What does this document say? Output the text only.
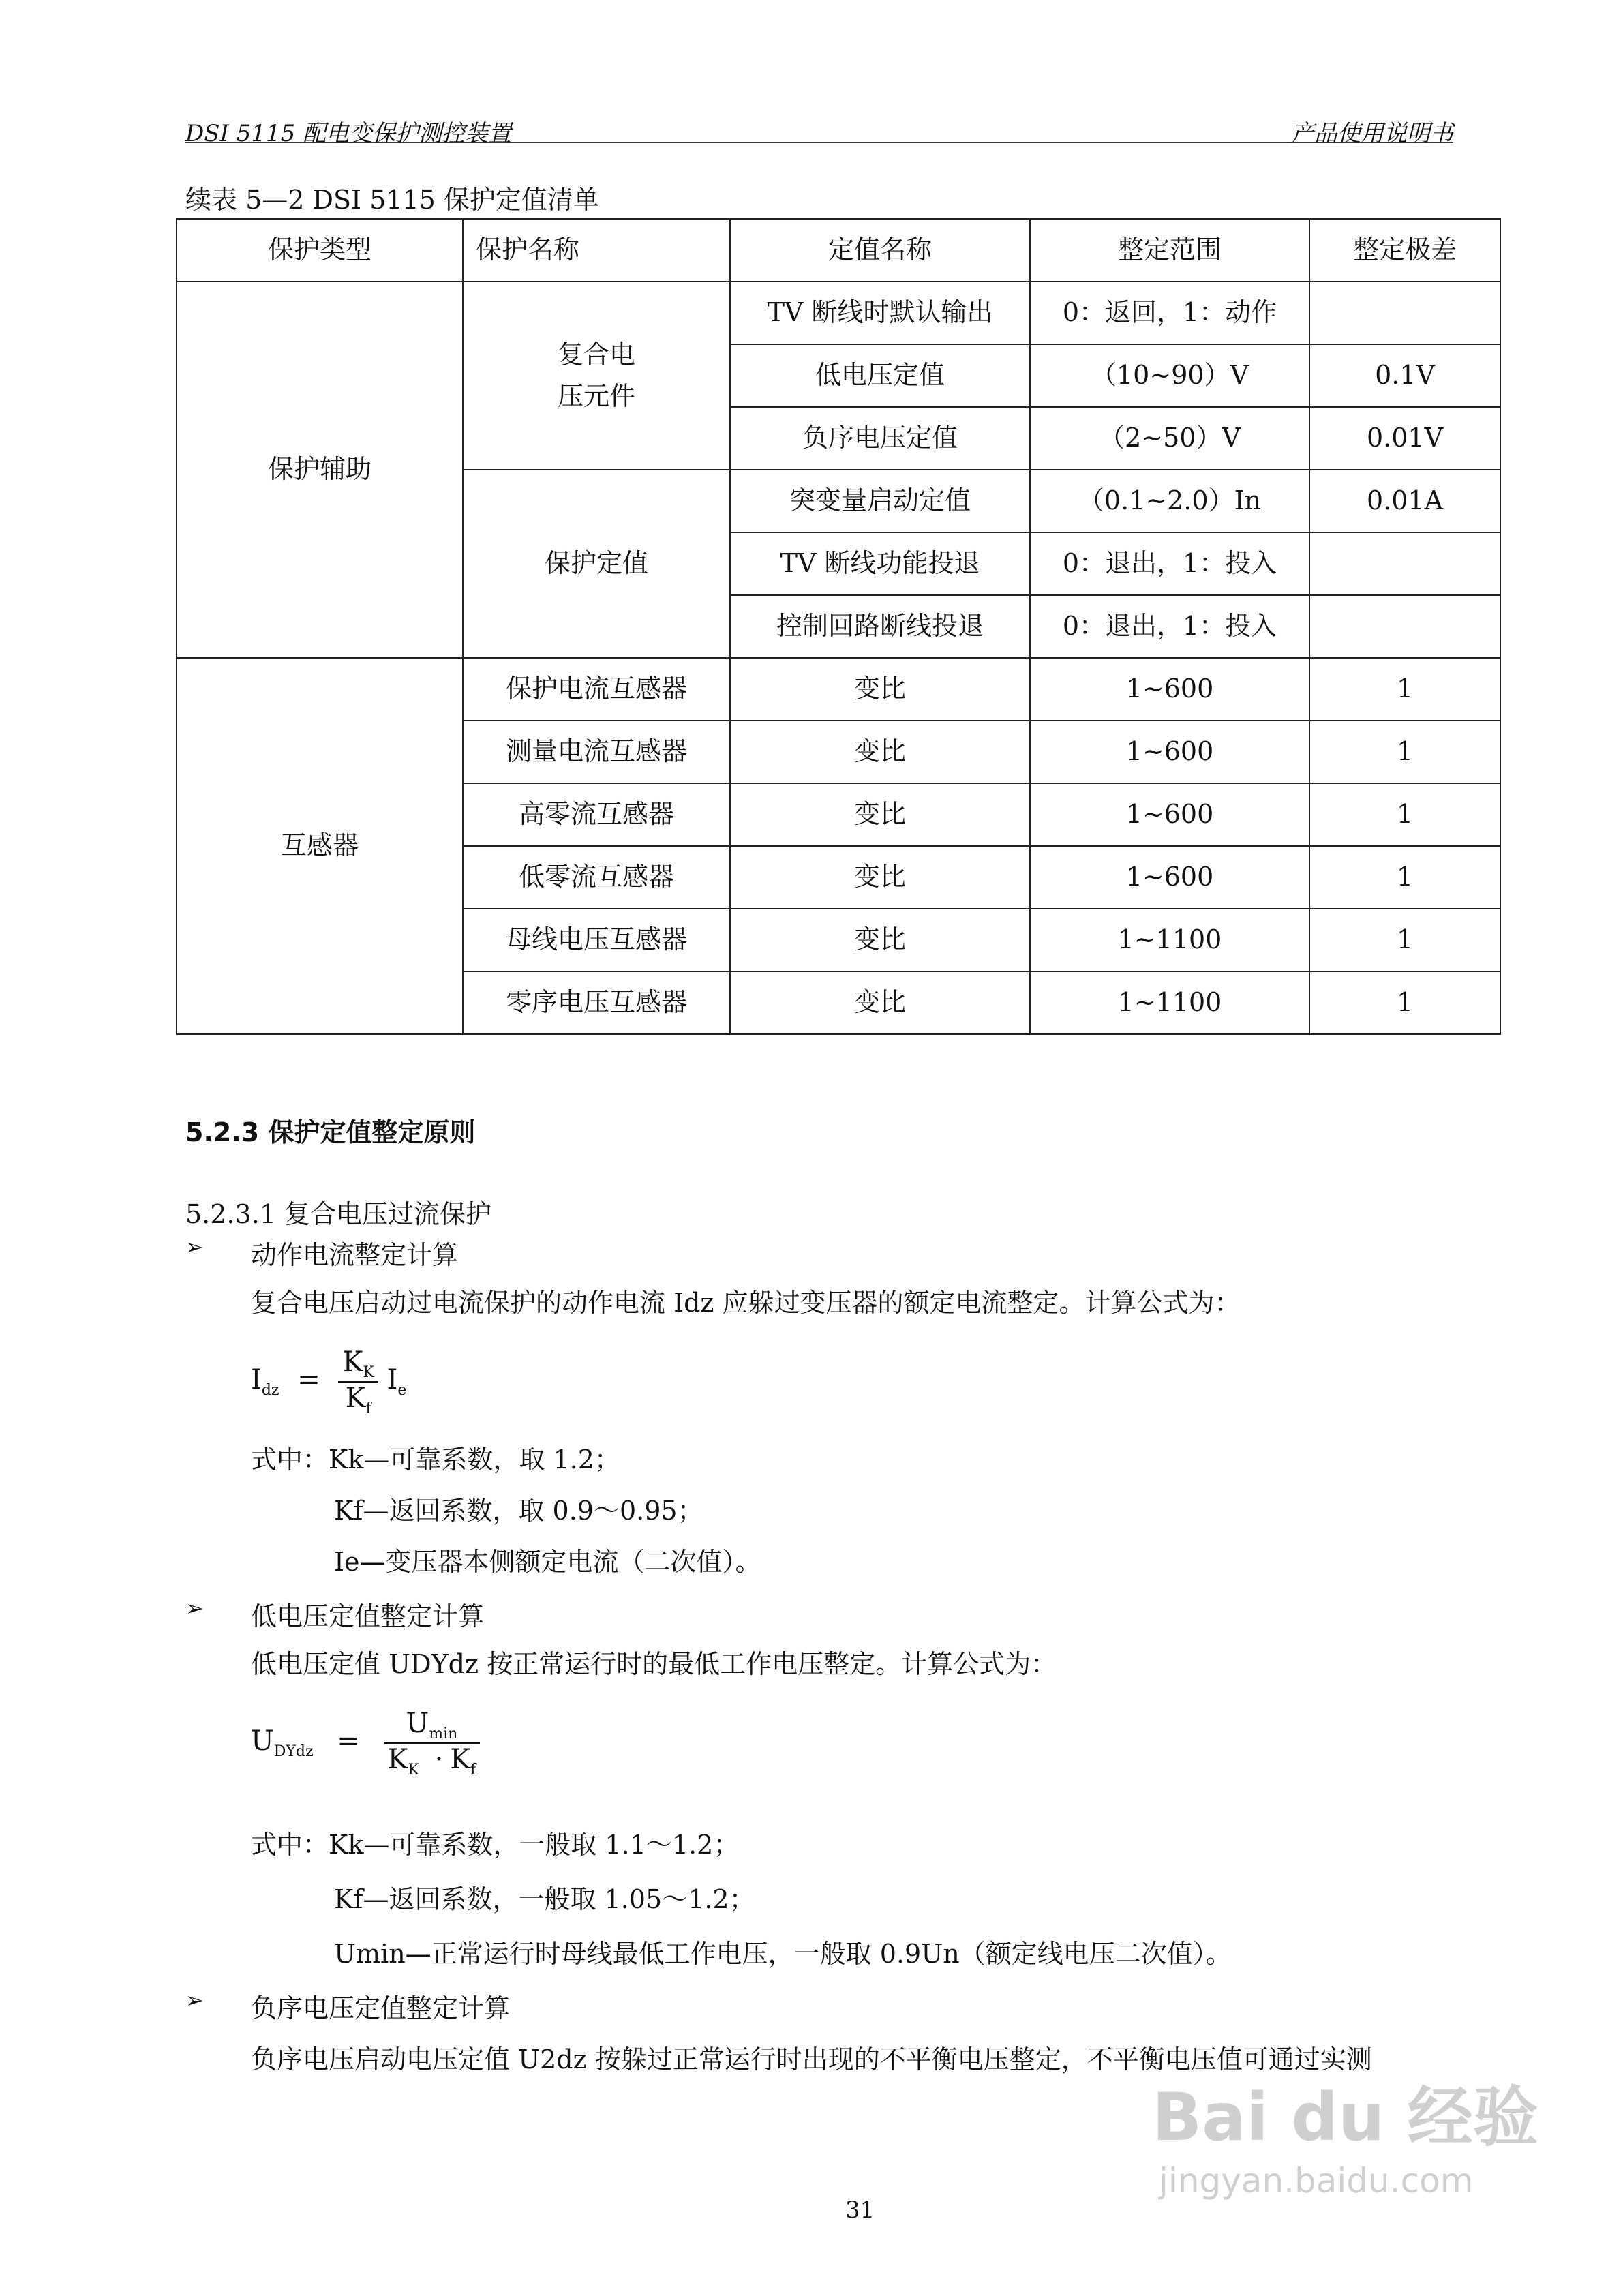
DSI 5115 配电变保护测控装置	产品使用说明书
续表 5—2 DSI 5115 保护定值清单
保护类型	保护名称	定值名称	整定范围	整定极差
保护辅助	复合电压元件	TV 断线时默认输出	0：返回，1：动作	
		低电压定值	（10~90）V	0.1V
		负序电压定值	（2~50）V	0.01V
	保护定值	突变量启动定值	（0.1~2.0）In	0.01A
		TV 断线功能投退	0：退出，1：投入	
		控制回路断线投退	0：退出，1：投入	
互感器	保护电流互感器	变比	1~600	1
	测量电流互感器	变比	1~600	1
	高零流互感器	变比	1~600	1
	低零流互感器	变比	1~600	1
	母线电压互感器	变比	1~1100	1
	零序电压互感器	变比	1~1100	1
5.2.3 保护定值整定原则
5.2.3.1 复合电压过流保护
➢ 动作电流整定计算
复合电压启动过电流保护的动作电流 Idz 应躲过变压器的额定电流整定。计算公式为：
$I_{dz} = \frac{K_K}{K_f} I_e$
式中：Kk—可靠系数，取 1.2；
Kf—返回系数，取 0.9～0.95；
Ie—变压器本侧额定电流（二次值）。
➢ 低电压定值整定计算
低电压定值 UDYdz 按正常运行时的最低工作电压整定。计算公式为：
$U_{DYdz} = \frac{U_{min}}{K_K \cdot K_f}$
式中：Kk—可靠系数，一般取 1.1～1.2；
Kf—返回系数，一般取 1.05～1.2；
Umin—正常运行时母线最低工作电压，一般取 0.9Un（额定线电压二次值）。
➢ 负序电压定值整定计算
负序电压启动电压定值 U2dz 按躲过正常运行时出现的不平衡电压整定，不平衡电压值可通过实测
Bai du 经验
jingyan.baidu.com
31
